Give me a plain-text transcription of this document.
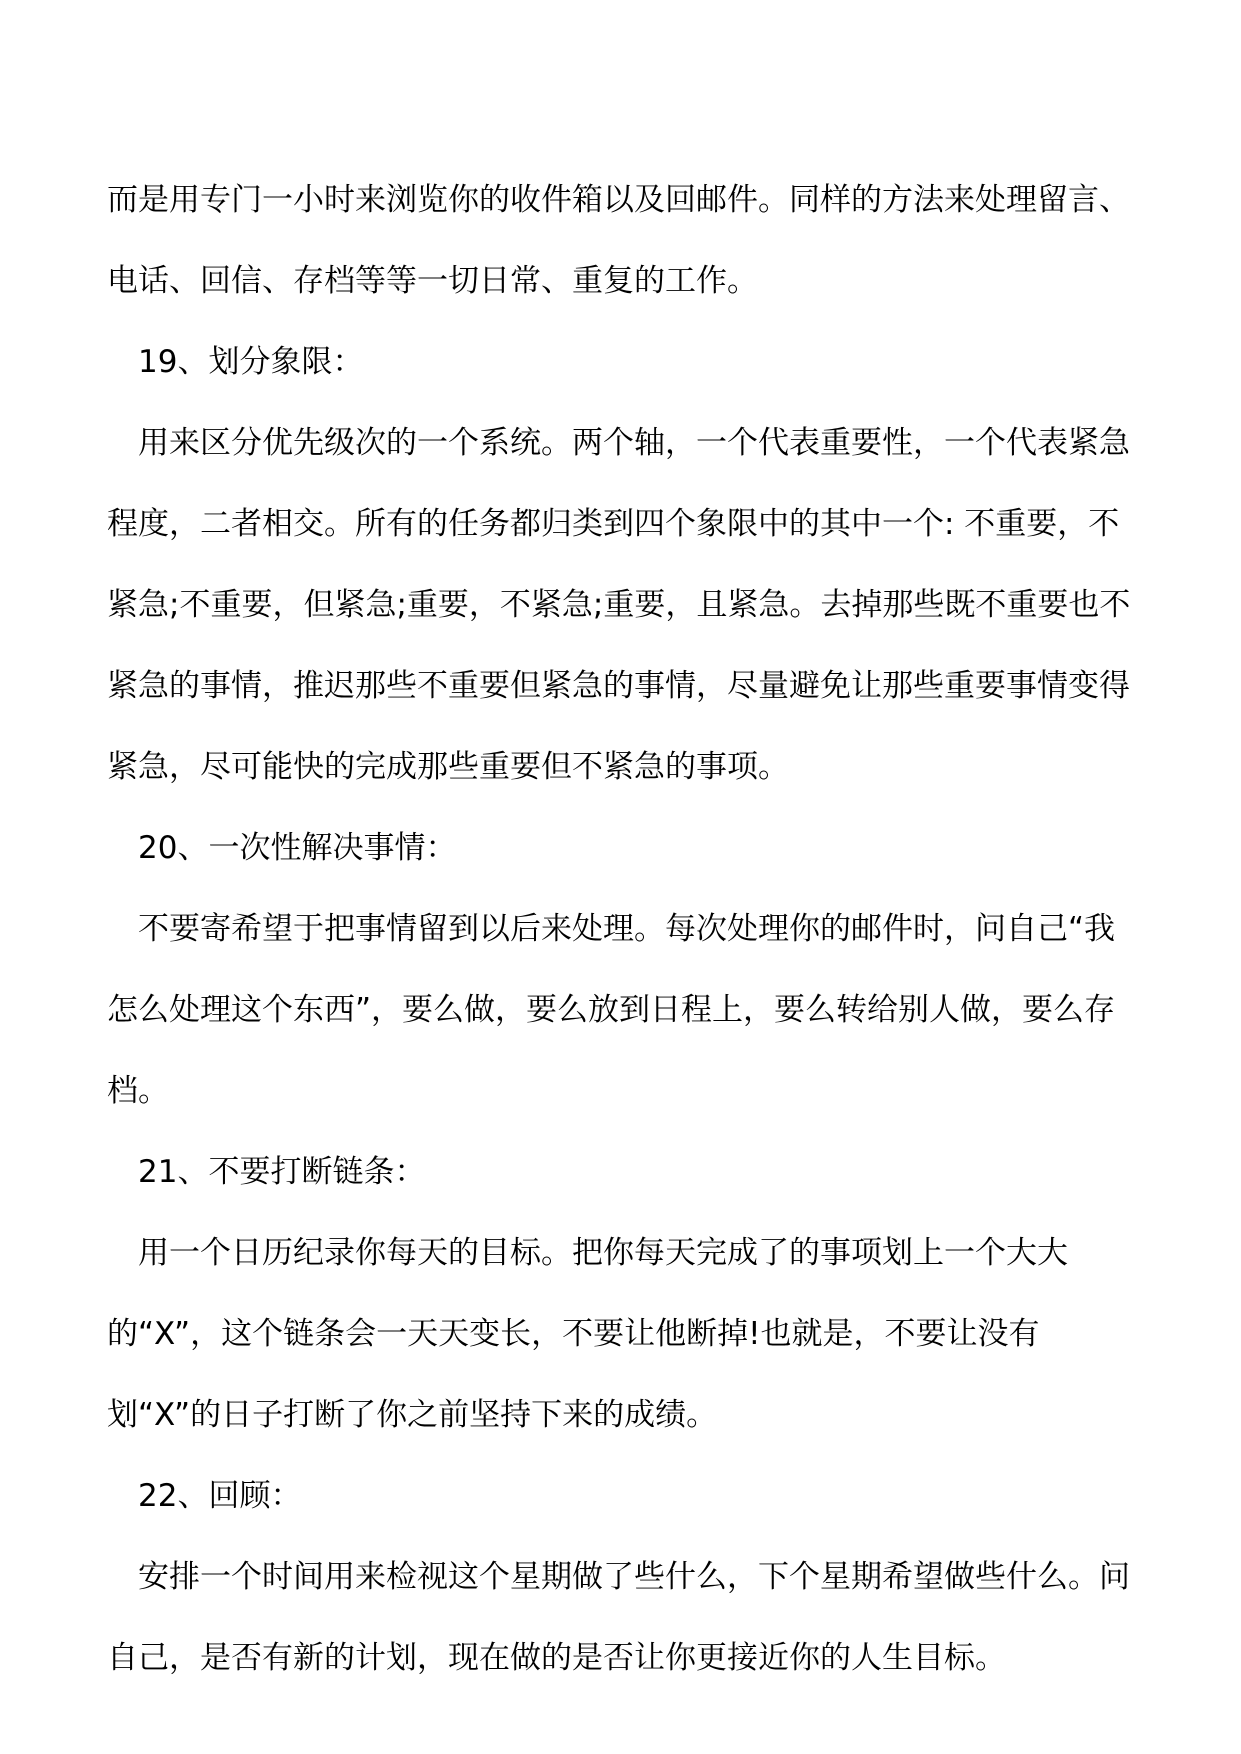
而是用专门一小时来浏览你的收件箱以及回邮件。同样的方法来处理留言、电话、回信、存档等等一切日常、重复的工作。

19、划分象限：

用来区分优先级次的一个系统。两个轴，一个代表重要性，一个代表紧急程度，二者相交。所有的任务都归类到四个象限中的其中一个: 不重要，不紧急;不重要，但紧急;重要，不紧急;重要，且紧急。去掉那些既不重要也不紧急的事情，推迟那些不重要但紧急的事情，尽量避免让那些重要事情变得紧急，尽可能快的完成那些重要但不紧急的事项。

20、一次性解决事情：

不要寄希望于把事情留到以后来处理。每次处理你的邮件时，问自己“我怎么处理这个东西”，要么做，要么放到日程上，要么转给别人做，要么存档。

21、不要打断链条：

用一个日历纪录你每天的目标。把你每天完成了的事项划上一个大大的“X”，这个链条会一天天变长，不要让他断掉!也就是，不要让没有划“X”的日子打断了你之前坚持下来的成绩。

22、回顾：

安排一个时间用来检视这个星期做了些什么，下个星期希望做些什么。问自己，是否有新的计划，现在做的是否让你更接近你的人生目标。
